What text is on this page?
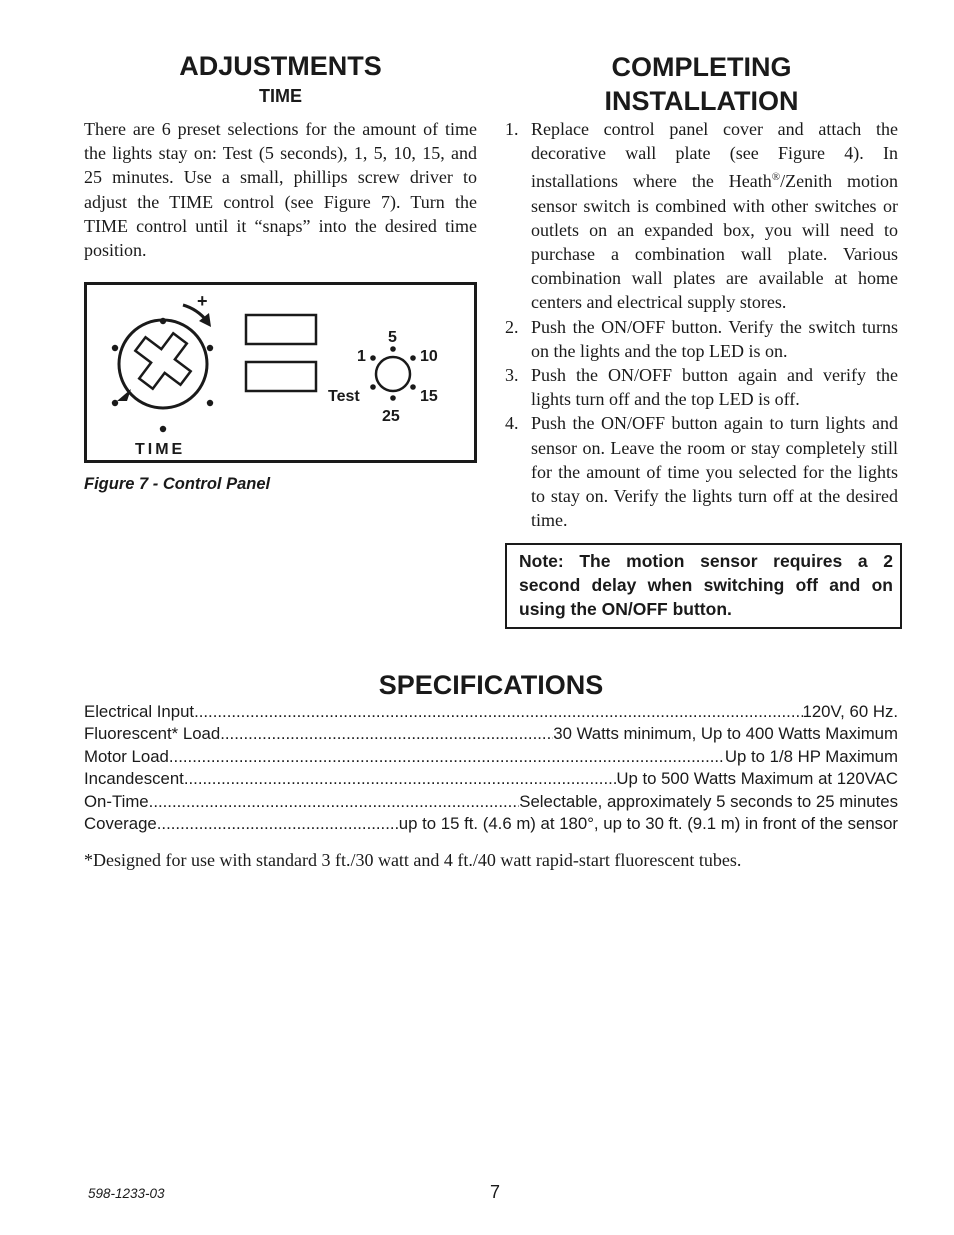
ADJUSTMENTS
TIME

There are 6 preset selections for the amount of time the lights stay on: Test (5 seconds), 1, 5, 10, 15, and 25 minutes. Use a small, phillips screw driver to adjust the TIME control (see Figure 7). Turn the TIME control until it “snaps” into the desired time position.

+
TIME
5
1	10
Test	15
25
Figure 7 - Control Panel
COMPLETING
INSTALLATION
1. Replace control panel cover and attach the decorative wall plate (see Figure 4). In installations where the Heath®/Zenith motion sensor switch is combined with other switches or outlets on an expanded box, you will need to purchase a combination wall plate. Various combination wall plates are available at home centers and electrical supply stores.
2. Push the ON/OFF button. Verify the switch turns on the lights and the top LED is on.
3. Push the ON/OFF button again and verify the lights turn off and the top LED is off.
4. Push the ON/OFF button again to turn lights and sensor on. Leave the room or stay completely still for the amount of time you selected for the lights to stay on. Verify the lights turn off at the desired time.
Note: The motion sensor requires a 2 second delay when switching off and on using the ON/OFF button.
SPECIFICATIONS
Electrical Input .....	120V, 60 Hz.
Fluorescent* Load .....	30 Watts minimum, Up to 400 Watts Maximum
Motor Load .....	Up to 1/8 HP Maximum
Incandescent .....	Up to 500 Watts Maximum at 120VAC
On-Time .....	Selectable, approximately 5 seconds to 25 minutes
Coverage .....	up to 15 ft. (4.6 m) at 180°, up to 30 ft. (9.1 m) in front of the sensor
*Designed for use with standard 3 ft./30 watt and 4 ft./40 watt rapid-start fluorescent tubes.
598-1233-03	7
